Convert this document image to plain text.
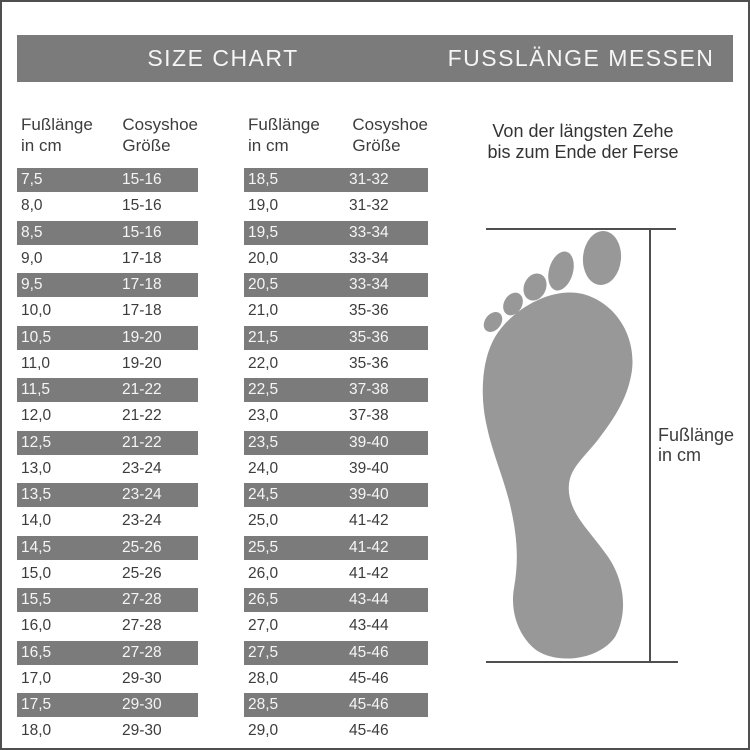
SIZE CHART	FUSSLÄNGE MESSEN
Fußlänge
in cm
Cosyshoe
Größe
7,5	15-16
8,0	15-16
8,5	15-16
9,0	17-18
9,5	17-18
10,0	17-18
10,5	19-20
11,0	19-20
11,5	21-22
12,0	21-22
12,5	21-22
13,0	23-24
13,5	23-24
14,0	23-24
14,5	25-26
15,0	25-26
15,5	27-28
16,0	27-28
16,5	27-28
17,0	29-30
17,5	29-30
18,0	29-30
Fußlänge
in cm
Cosyshoe
Größe
18,5	31-32
19,0	31-32
19,5	33-34
20,0	33-34
20,5	33-34
21,0	35-36
21,5	35-36
22,0	35-36
22,5	37-38
23,0	37-38
23,5	39-40
24,0	39-40
24,5	39-40
25,0	41-42
25,5	41-42
26,0	41-42
26,5	43-44
27,0	43-44
27,5	45-46
28,0	45-46
28,5	45-46
29,0	45-46
Von der längsten Zehe
bis zum Ende der Ferse
Fußlänge
in cm
